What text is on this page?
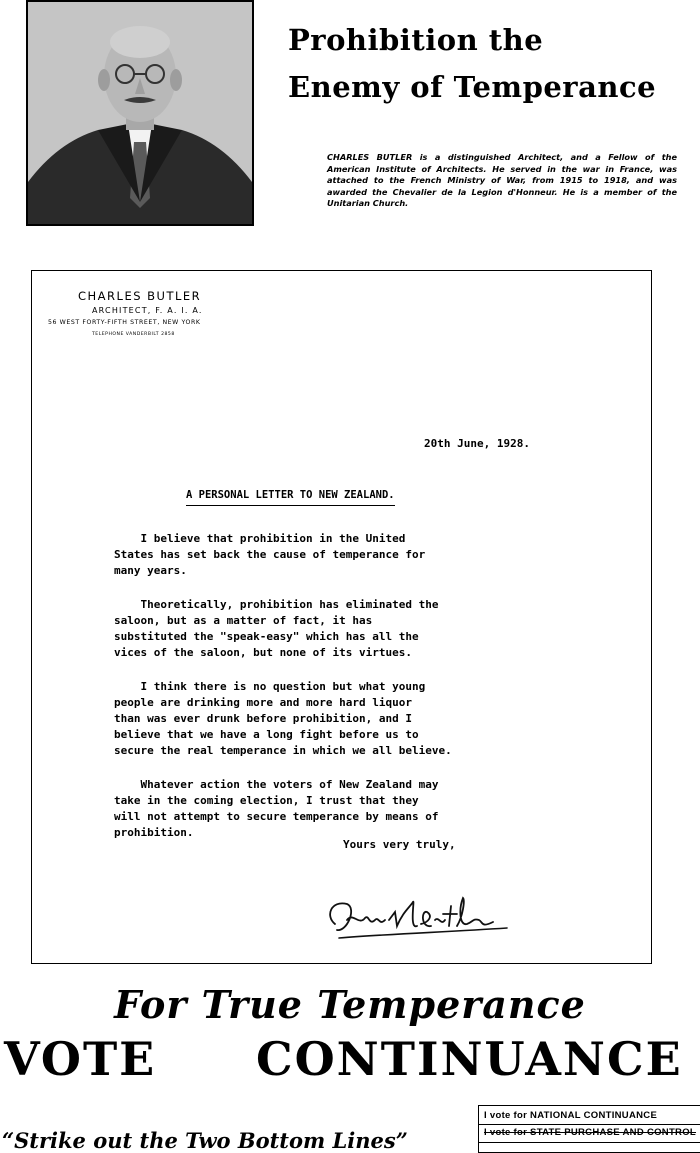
Prohibition the
Enemy of Temperance
CHARLES BUTLER is a distinguished Architect, and a Fellow of the American Institute of Architects. He served in the war in France, was attached to the French Ministry of War, from 1915 to 1918, and was awarded the Chevalier de la Legion d'Honneur. He is a member of the Unitarian Church.
CHARLES BUTLER
ARCHITECT, F. A. I. A.
56 WEST FORTY-FIFTH STREET, NEW YORK
TELEPHONE VANDERBILT 2858
20th June, 1928.
A PERSONAL LETTER TO NEW ZEALAND.
I believe that prohibition in the United
States has set back the cause of temperance for
many years.
Theoretically, prohibition has eliminated the
saloon, but as a matter of fact, it has
substituted the "speak-easy" which has all the
vices of the saloon, but none of its virtues.
I think there is no question but what young
people are drinking more and more hard liquor
than was ever drunk before prohibition, and I
believe that we have a long fight before us to
secure the real temperance in which we all believe.
Whatever action the voters of New Zealand may
take in the coming election, I trust that they
will not attempt to secure temperance by means of
prohibition.
Yours very truly,
For True Temperance
VOTE CONTINUANCE
“Strike out the Two Bottom Lines”
I vote for NATIONAL CONTINUANCE
I vote for STATE PURCHASE AND CONTROL
